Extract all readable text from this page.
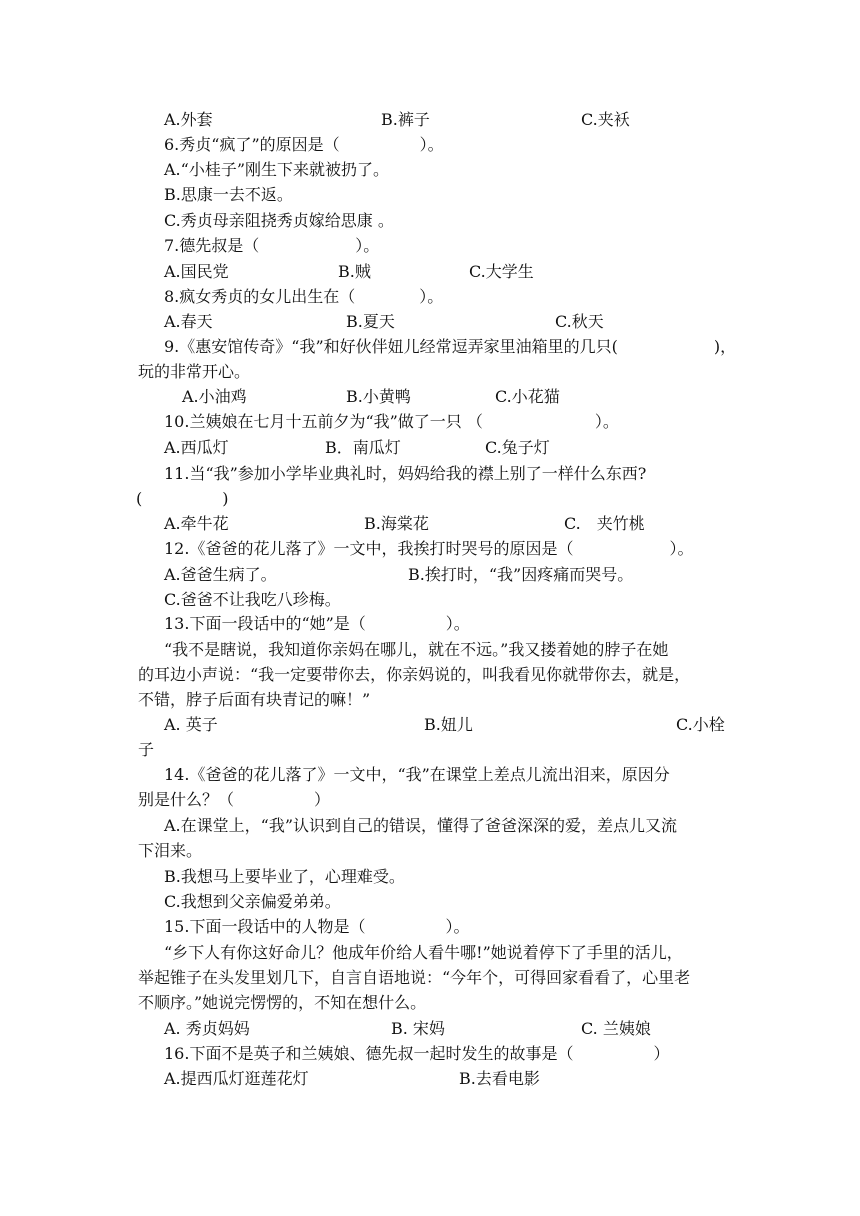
A.外套	B.裤子	C.夹袄
6.秀贞“疯了”的原因是（　　　　　）。
A.“小桂子”刚生下来就被扔了。
B.思康一去不返。
C.秀贞母亲阻挠秀贞嫁给思康 。
7.德先叔是（　　　　　　）。
A.国民党	B.贼	C.大学生
8.疯女秀贞的女儿出生在（　　　　）。
A.春天	B.夏天	C.秋天
9.《惠安馆传奇》“我”和好伙伴妞儿经常逗弄家里油箱里的几只(　　　　　　)，
玩的非常开心。
A.小油鸡	B.小黄鸭	C.小花猫
10.兰姨娘在七月十五前夕为“我”做了一只 （　　　　　　　）。
A.西瓜灯	B．南瓜灯	C.兔子灯
11.当“我”参加小学毕业典礼时，妈妈给我的襟上别了一样什么东西?
(　　　　　)
A.牵牛花	B.海棠花	C.　夹竹桃
12.《爸爸的花儿落了》一文中，我挨打时哭号的原因是（　　　　　　）。
A.爸爸生病了。	B.挨打时，“我”因疼痛而哭号。
C.爸爸不让我吃八珍梅。
13.下面一段话中的“她”是（　　　　　）。
“我不是瞎说，我知道你亲妈在哪儿，就在不远。”我又搂着她的脖子在她
的耳边小声说：“我一定要带你去，你亲妈说的，叫我看见你就带你去，就是，
不错，脖子后面有块青记的嘛！”
A. 英子	B.妞儿	C.小栓
子
14.《爸爸的花儿落了》一文中，“我”在课堂上差点儿流出泪来，原因分
别是什么？（　　　　　）
A.在课堂上，“我”认识到自己的错误，懂得了爸爸深深的爱，差点儿又流
下泪来。
B.我想马上要毕业了，心理难受。
C.我想到父亲偏爱弟弟。
15.下面一段话中的人物是（　　　　　）。
“乡下人有你这好命儿？他成年价给人看牛哪!”她说着停下了手里的活儿，
举起锥子在头发里划几下，自言自语地说：“今年个，可得回家看看了，心里老
不顺序。”她说完愣愣的，不知在想什么。
A. 秀贞妈妈	B. 宋妈	C. 兰姨娘
16.下面不是英子和兰姨娘、德先叔一起时发生的故事是（　　　　　）
A.提西瓜灯逛莲花灯	B.去看电影
